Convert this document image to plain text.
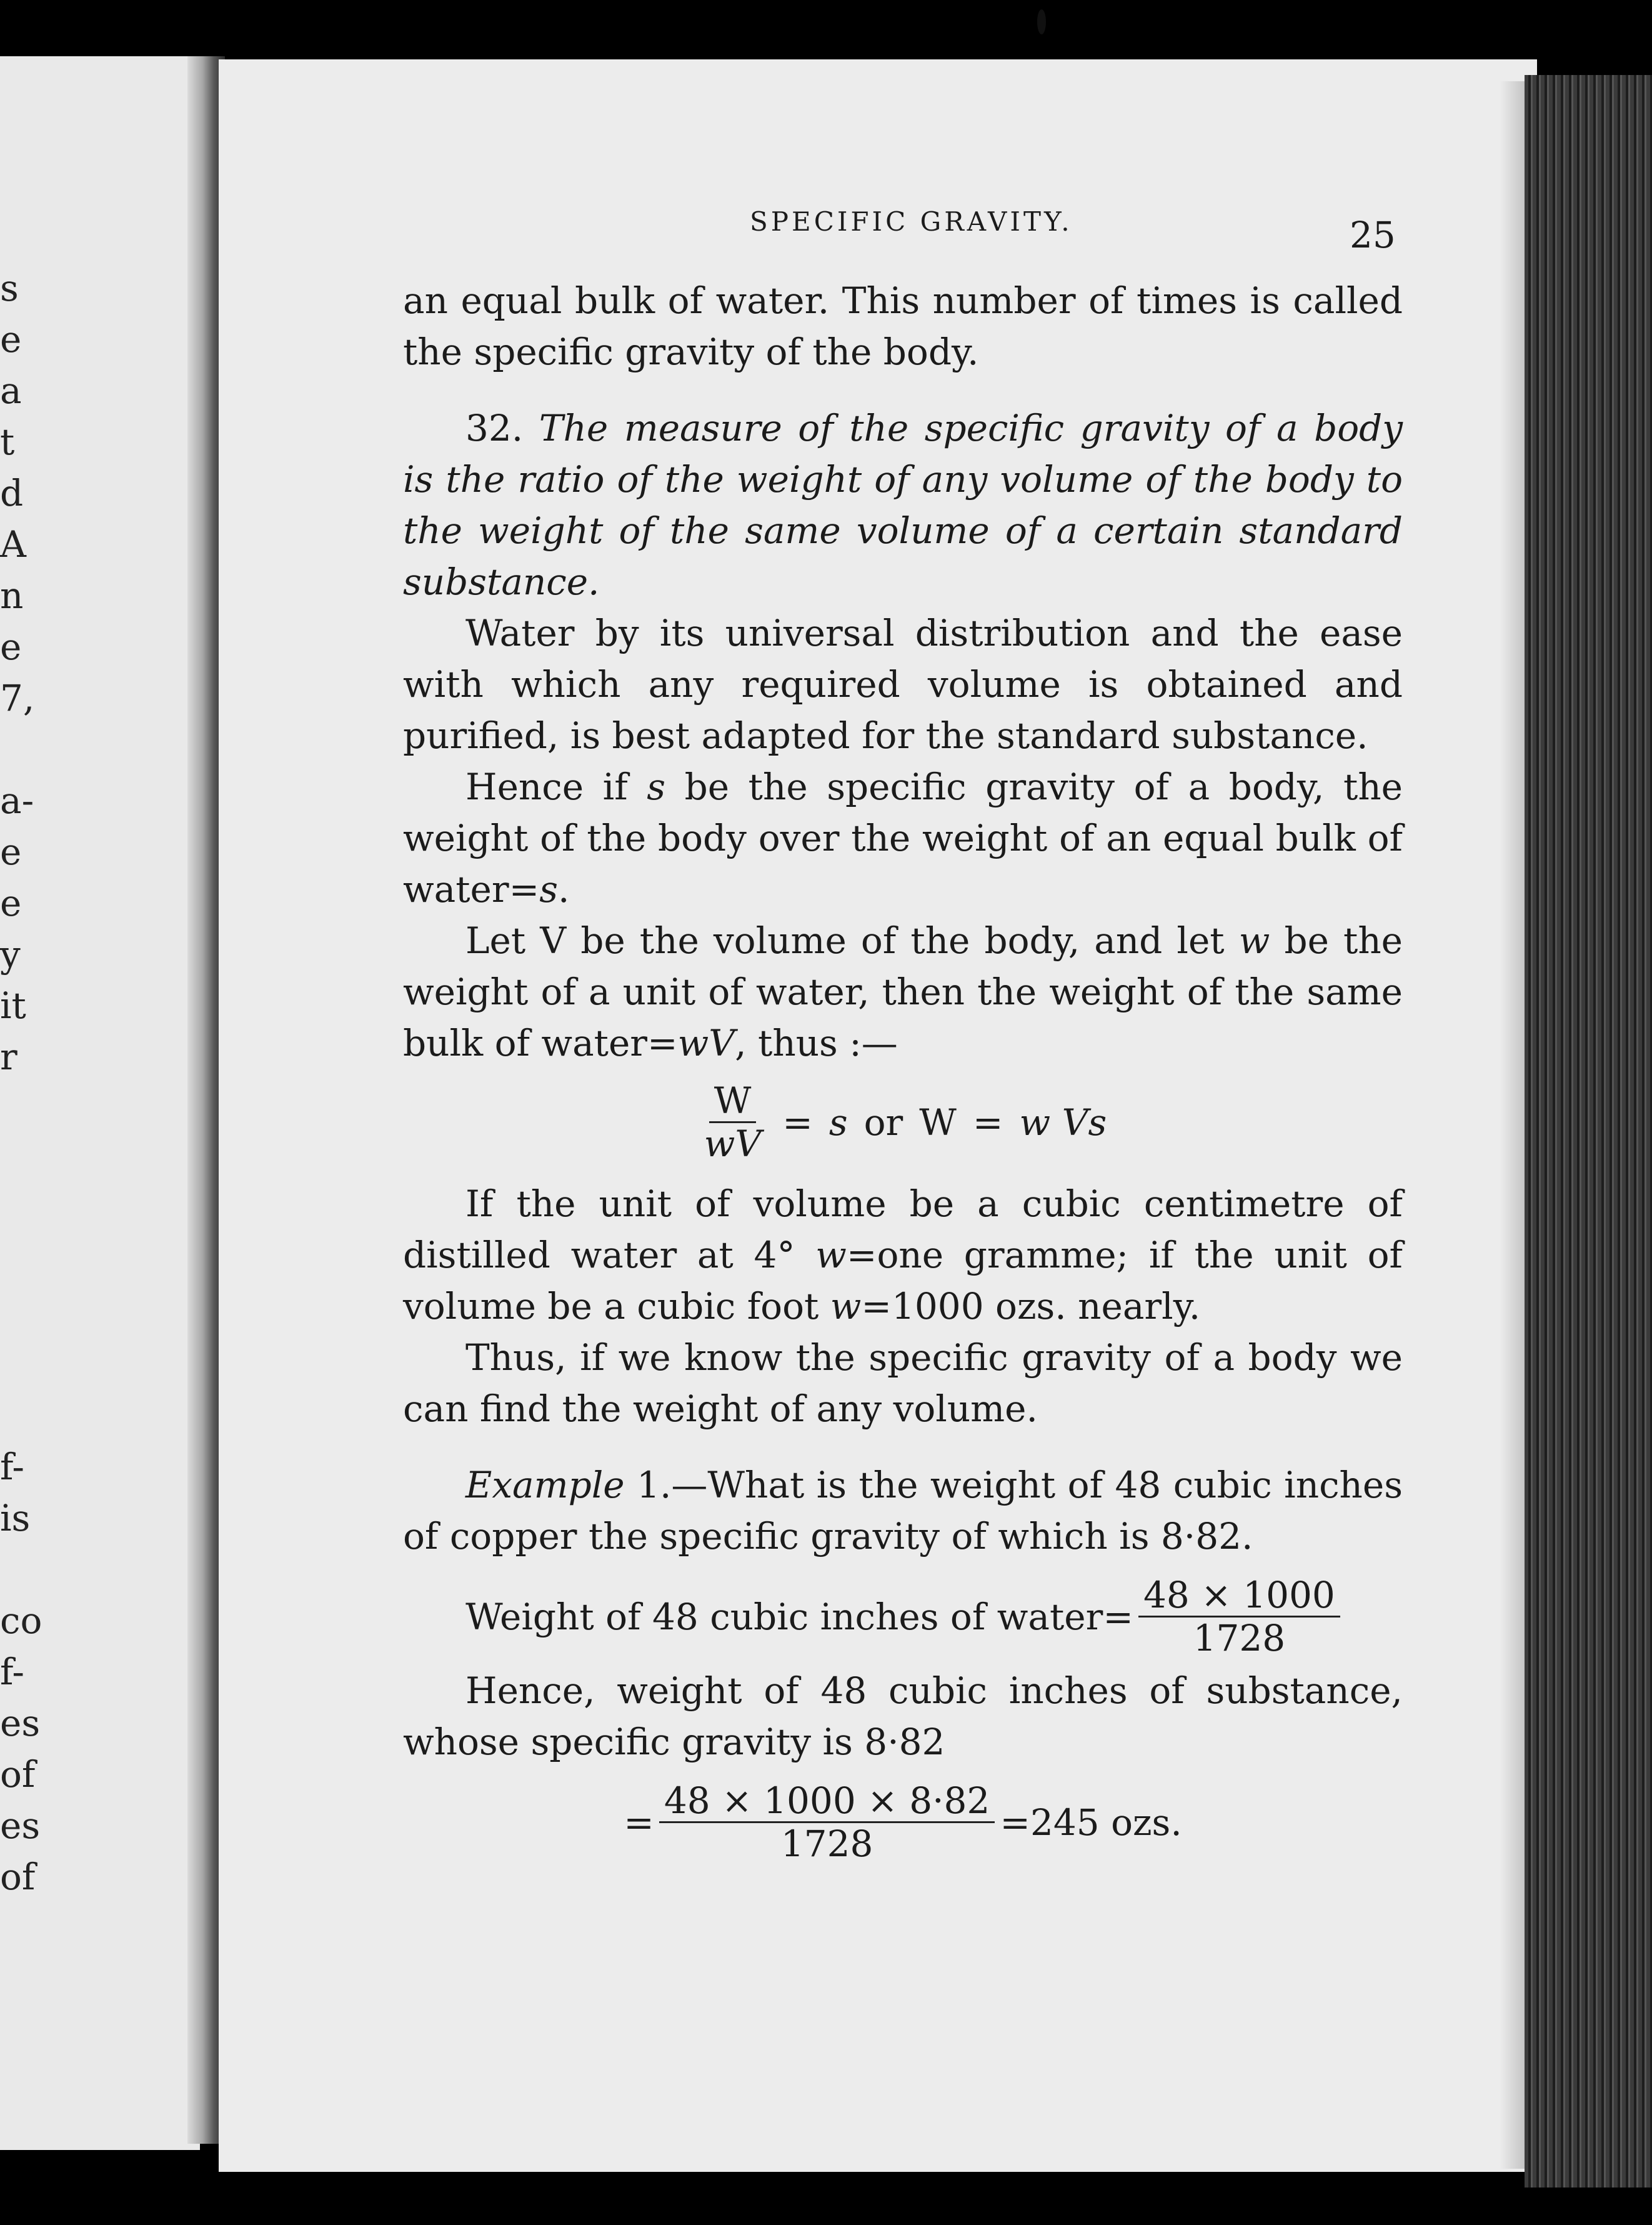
s
e
a
t
d
A
n
e
7,
a-
e
e
y
it
r
f-
is
co
f-
es
of
es
of
SPECIFIC GRAVITY.	25

an equal bulk of water. This number of times is called the specific gravity of the body.

32. The measure of the specific gravity of a body is the ratio of the weight of any volume of the body to the weight of the same volume of a certain standard substance.

Water by its universal distribution and the ease with which any required volume is obtained and purified, is best adapted for the standard substance.

Hence if s be the specific gravity of a body, the weight of the body over the weight of an equal bulk of water=s.

Let V be the volume of the body, and let w be the weight of a unit of water, then the weight of the same bulk of water=wV, thus :—

$\frac{W}{wV} = s$ or W = w Vs

If the unit of volume be a cubic centimetre of distilled water at 4° w=one gramme; if the unit of volume be a cubic foot w=1000 ozs. nearly.

Thus, if we know the specific gravity of a body we can find the weight of any volume.

Example 1.—What is the weight of 48 cubic inches of copper the specific gravity of which is 8·82.

Weight of 48 cubic inches of water= $\frac{48 \times 1000}{1728}$

Hence, weight of 48 cubic inches of substance, whose specific gravity is 8·82

= $\frac{48 \times 1000 \times 8\cdot 82}{1728} =245$ ozs.
